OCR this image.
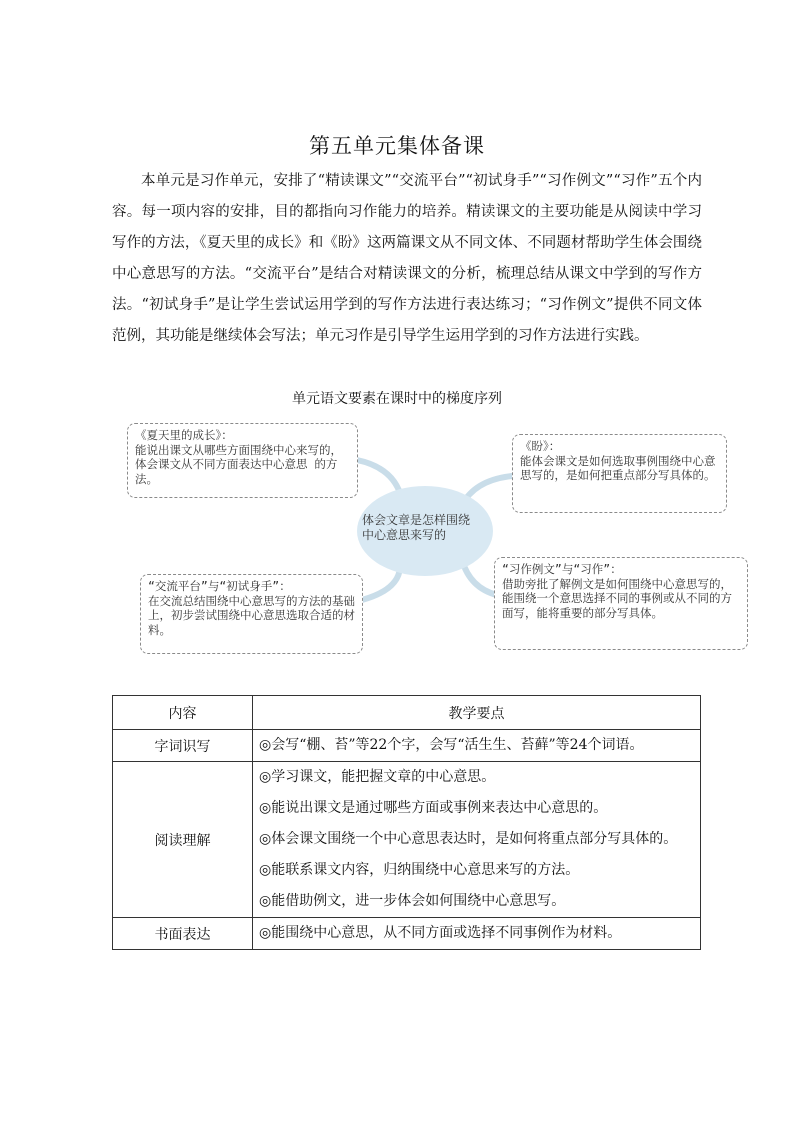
第五单元集体备课

本单元是习作单元，安排了“精读课文”“交流平台”“初试身手”“习作例文”“习作”五个内容。每一项内容的安排，目的都指向习作能力的培养。精读课文的主要功能是从阅读中学习写作的方法，《夏天里的成长》和《盼》这两篇课文从不同文体、不同题材帮助学生体会围绕中心意思写的方法。“交流平台”是结合对精读课文的分析，梳理总结从课文中学到的写作方法。“初试身手”是让学生尝试运用学到的写作方法进行表达练习；“习作例文”提供不同文体范例，其功能是继续体会写法；单元习作是引导学生运用学到的习作方法进行实践。

单元语文要素在课时中的梯度序列
体会文章是怎样围绕中心意思来写的
《夏天里的成长》：
能说出课文从哪些方面围绕中心来写的，体会课文从不同方面表达中心意思 的方法。
《盼》：
能体会课文是如何选取事例围绕中心意思写的，是如何把重点部分写具体的。
“交流平台”与“初试身手”：
在交流总结围绕中心意思写的方法的基础上，初步尝试围绕中心意思选取合适的材料。
“习作例文”与“习作”：
借助旁批了解例文是如何围绕中心意思写的，能围绕一个意思选择不同的事例或从不同的方面写，能将重要的部分写具体。
内容	教学要点
字词识写	◎会写“棚、苔”等22个字，会写“活生生、苔藓”等24个词语。

阅读理解	◎学习课文，能把握文章的中心意思。
◎能说出课文是通过哪些方面或事例来表达中心意思的。
◎体会课文围绕一个中心意思表达时，是如何将重点部分写具体的。
◎能联系课文内容，归纳围绕中心意思来写的方法。
◎能借助例文，进一步体会如何围绕中心意思写。

书面表达	◎能围绕中心意思，从不同方面或选择不同事例作为材料。
